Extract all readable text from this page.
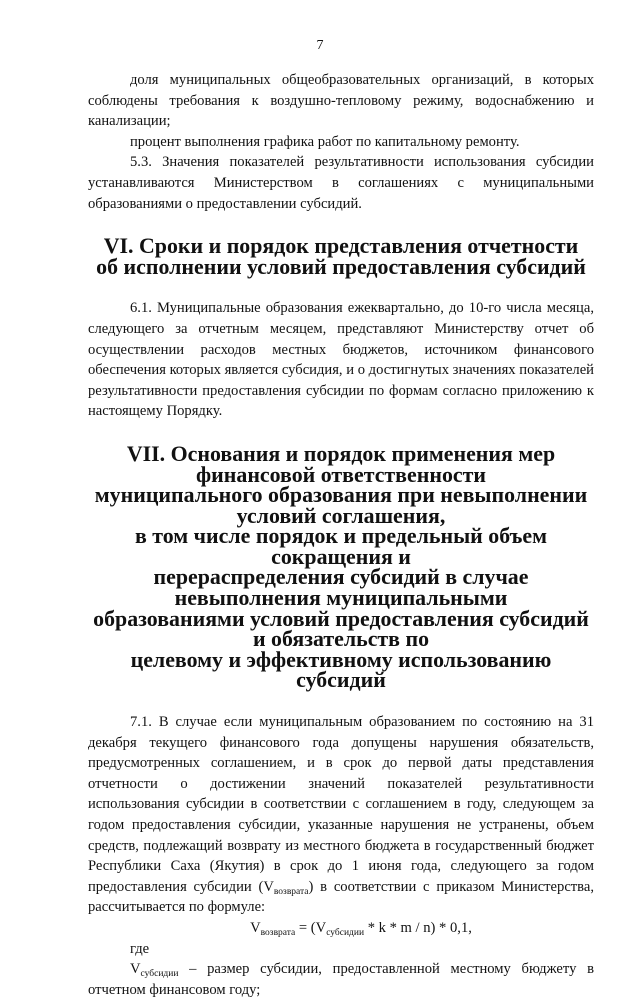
7

доля муниципальных общеобразовательных организаций, в которых соблюдены требования к воздушно-тепловому режиму, водоснабжению и канализации;

процент выполнения графика работ по капитальному ремонту.

5.3. Значения показателей результативности использования субсидии устанавливаются Министерством в соглашениях с муниципальными образованиями о предоставлении субсидий.

VI. Сроки и порядок представления отчетности
об исполнении условий предоставления субсидий

6.1. Муниципальные образования ежеквартально, до 10-го числа месяца, следующего за отчетным месяцем, представляют Министерству отчет об осуществлении расходов местных бюджетов, источником финансового обеспечения которых является субсидия, и о достигнутых значениях показателей результативности предоставления субсидии по формам согласно приложению к настоящему Порядку.

VII. Основания и порядок применения мер финансовой ответственности
муниципального образования при невыполнении условий соглашения,
в том числе порядок и предельный объем сокращения и
перераспределения субсидий в случае невыполнения муниципальными
образованиями условий предоставления субсидий и обязательств по
целевому и эффективному использованию субсидий

7.1. В случае если муниципальным образованием по состоянию на 31 декабря текущего финансового года допущены нарушения обязательств, предусмотренных соглашением, и в срок до первой даты представления отчетности о достижении значений показателей результативности использования субсидии в соответствии с соглашением в году, следующем за годом предоставления субсидии, указанные нарушения не устранены, объем средств, подлежащий возврату из местного бюджета в государственный бюджет Республики Саха (Якутия) в срок до 1 июня года, следующего за годом предоставления субсидии $(V_{возврата})$ в соответствии с приказом Министерства, рассчитывается по формуле:

$V_{возврата} = (V_{субсидии} * k * m / n) * 0,1$,

где

$V_{субсидии}$ – размер субсидии, предоставленной местному бюджету в отчетном финансовом году;
